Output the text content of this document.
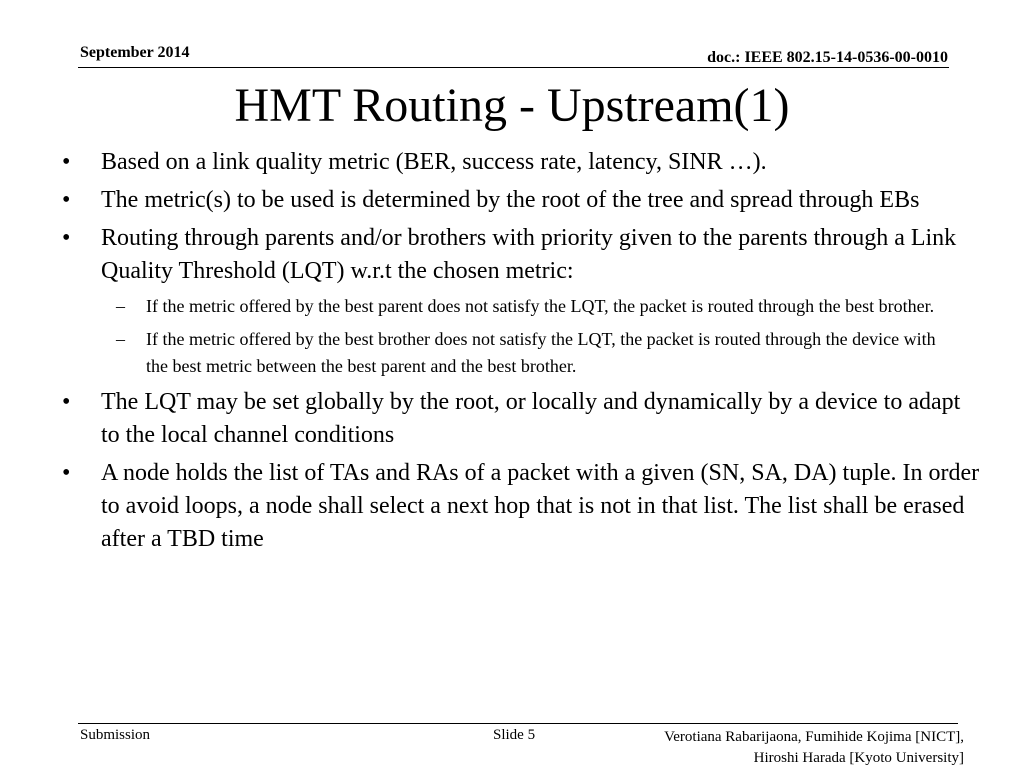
September 2014	doc.: IEEE 802.15-14-0536-00-0010
HMT Routing - Upstream(1)
• Based on a link quality metric (BER, success rate, latency, SINR …).
• The metric(s) to be used is determined by the root of the tree and spread through EBs
• Routing through parents and/or brothers with priority given to the parents through a Link Quality Threshold (LQT) w.r.t the chosen metric:
– If the metric offered by the best parent does not satisfy the LQT, the packet is routed through the best brother.
– If the metric offered by the best brother does not satisfy the LQT, the packet is routed through the device with the best metric between the best parent and the best brother.
• The LQT may be set globally by the root, or locally and dynamically by a device to adapt to the local channel conditions
• A node holds the list of TAs and RAs of a packet with a given (SN, SA, DA) tuple. In order to avoid loops, a node shall select a next hop that is not in that list. The list shall be erased after a TBD time
Submission	Slide 5	Verotiana Rabarijaona, Fumihide Kojima [NICT],
Hiroshi Harada [Kyoto University]
